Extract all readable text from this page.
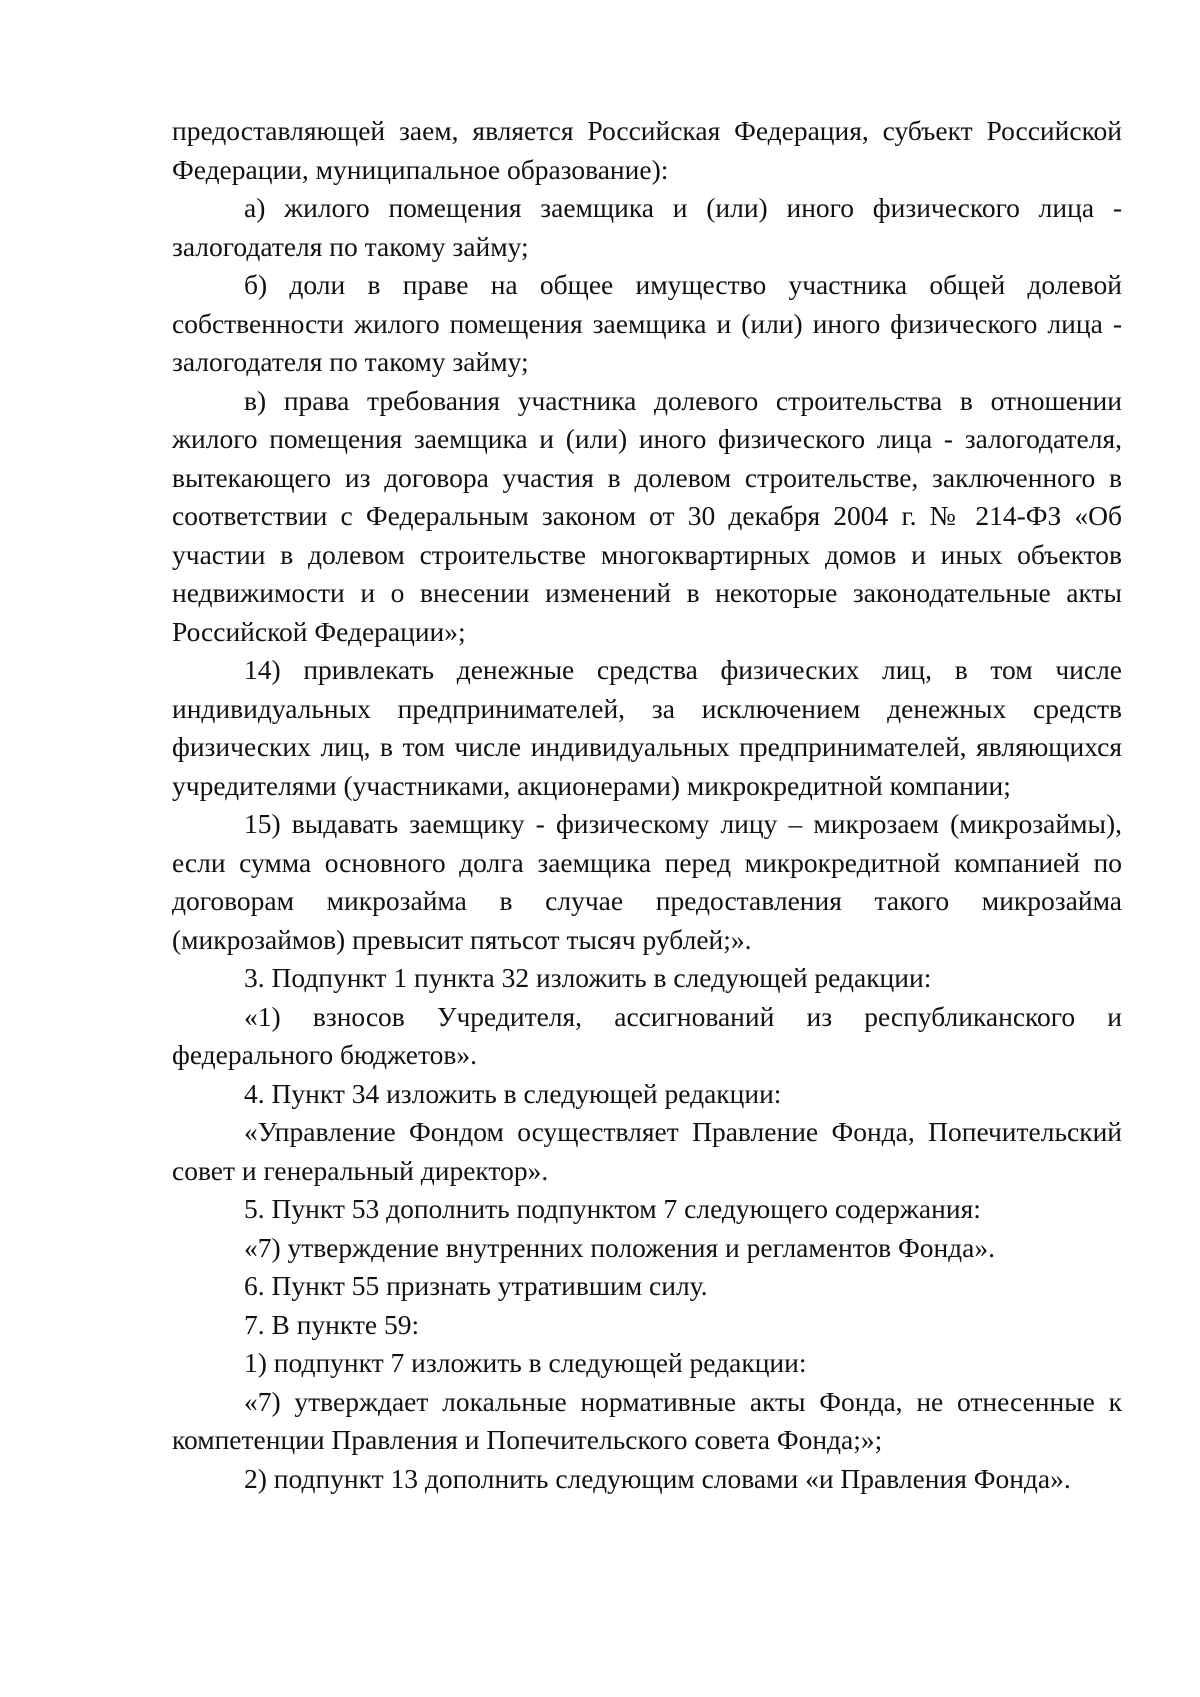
предоставляющей заем, является Российская Федерация, субъект Российской Федерации, муниципальное образование):

а) жилого помещения заемщика и (или) иного физического лица - залогодателя по такому займу;

б) доли в праве на общее имущество участника общей долевой собственности жилого помещения заемщика и (или) иного физического лица - залогодателя по такому займу;

в) права требования участника долевого строительства в отношении жилого помещения заемщика и (или) иного физического лица - залогодателя, вытекающего из договора участия в долевом строительстве, заключенного в соответствии с Федеральным законом от 30 декабря 2004 г. № 214-ФЗ «Об участии в долевом строительстве многоквартирных домов и иных объектов недвижимости и о внесении изменений в некоторые законодательные акты Российской Федерации»;

14) привлекать денежные средства физических лиц, в том числе индивидуальных предпринимателей, за исключением денежных средств физических лиц, в том числе индивидуальных предпринимателей, являющихся учредителями (участниками, акционерами) микрокредитной компании;

15) выдавать заемщику - физическому лицу – микрозаем (микрозаймы), если сумма основного долга заемщика перед микрокредитной компанией по договорам микрозайма в случае предоставления такого микрозайма (микрозаймов) превысит пятьсот тысяч рублей;».

3. Подпункт 1 пункта 32 изложить в следующей редакции:

«1) взносов Учредителя, ассигнований из республиканского и федерального бюджетов».

4. Пункт 34 изложить в следующей редакции:

«Управление Фондом осуществляет Правление Фонда, Попечительский совет и генеральный директор».

5. Пункт 53 дополнить подпунктом 7 следующего содержания:

«7) утверждение внутренних положения и регламентов Фонда».

6. Пункт 55 признать утратившим силу.

7. В пункте 59:

1) подпункт 7 изложить в следующей редакции:

«7) утверждает локальные нормативные акты Фонда, не отнесенные к компетенции Правления и Попечительского совета Фонда;»;

2) подпункт 13 дополнить следующим словами «и Правления Фонда».
